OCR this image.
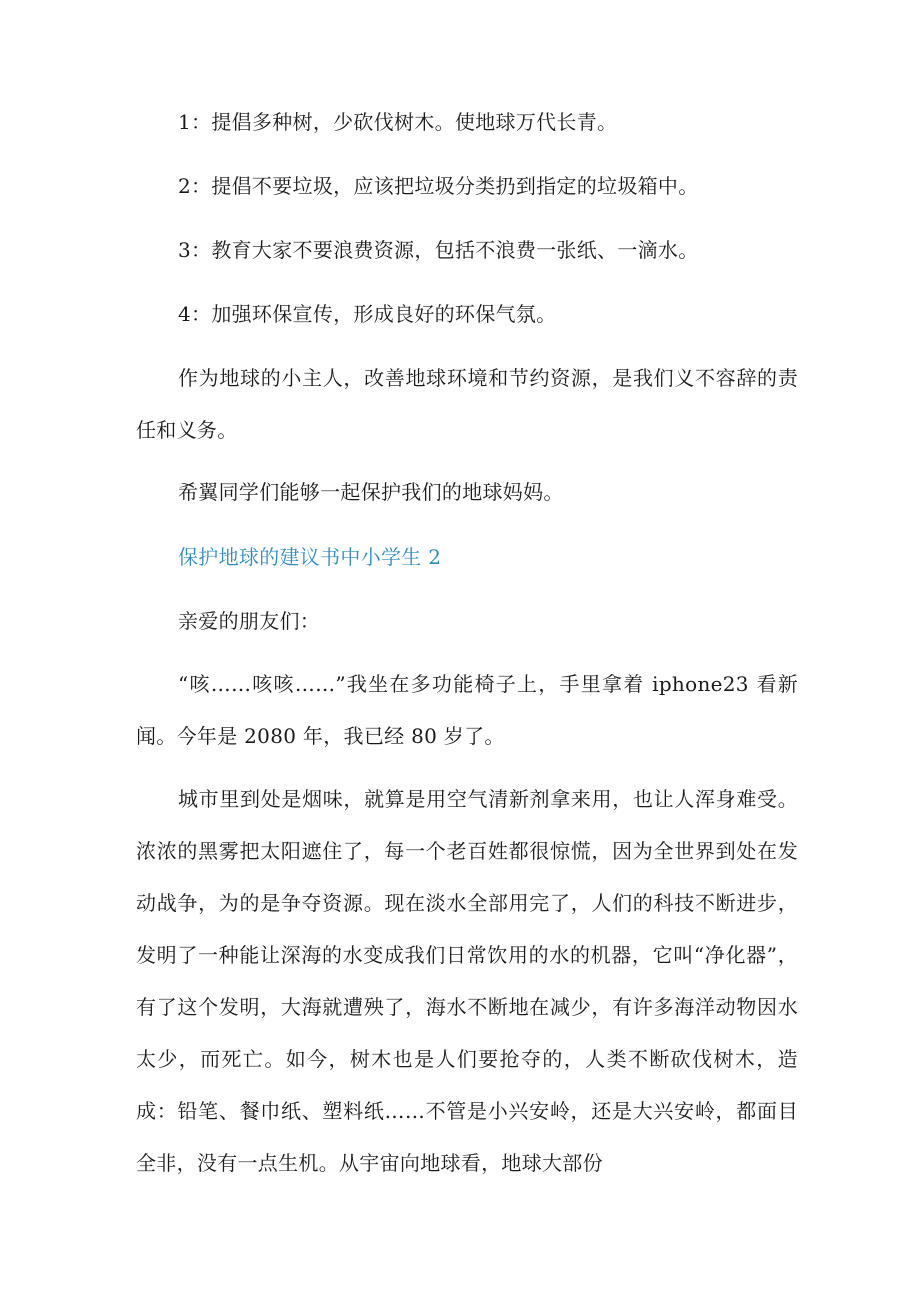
1：提倡多种树，少砍伐树木。使地球万代长青。
2：提倡不要垃圾，应该把垃圾分类扔到指定的垃圾箱中。
3：教育大家不要浪费资源，包括不浪费一张纸、一滴水。
4：加强环保宣传，形成良好的环保气氛。
作为地球的小主人，改善地球环境和节约资源，是我们义不容辞的责任和义务。
希翼同学们能够一起保护我们的地球妈妈。
保护地球的建议书中小学生 2
亲爱的朋友们：
“咳……咳咳……”我坐在多功能椅子上，手里拿着 iphone23 看新闻。今年是 2080 年，我已经 80 岁了。
城市里到处是烟味，就算是用空气清新剂拿来用，也让人浑身难受。浓浓的黑雾把太阳遮住了，每一个老百姓都很惊慌，因为全世界到处在发动战争，为的是争夺资源。现在淡水全部用完了，人们的科技不断进步，发明了一种能让深海的水变成我们日常饮用的水的机器，它叫“净化器”，有了这个发明，大海就遭殃了，海水不断地在减少，有许多海洋动物因水太少，而死亡。如今，树木也是人们要抢夺的，人类不断砍伐树木，造成：铅笔、餐巾纸、塑料纸……不管是小兴安岭，还是大兴安岭，都面目全非，没有一点生机。从宇宙向地球看，地球大部份
